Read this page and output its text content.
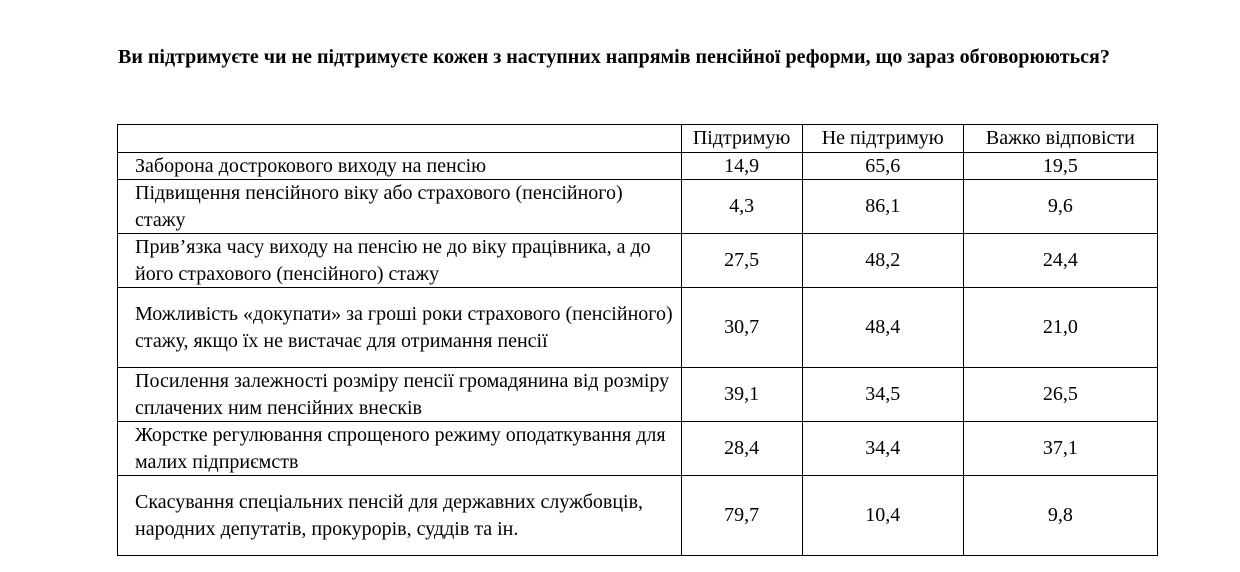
Ви підтримуєте чи не підтримуєте кожен з наступних напрямів пенсійної реформи, що зараз обговорюються?

	Підтримую	Не підтримую	Важко відповісти
Заборона дострокового виходу на пенсію	14,9	65,6	19,5
Підвищення пенсійного віку або страхового (пенсійного) стажу	4,3	86,1	9,6
Прив’язка часу виходу на пенсію не до віку працівника, а до його страхового (пенсійного) стажу	27,5	48,2	24,4
Можливість «докупати» за гроші роки страхового (пенсійного) стажу, якщо їх не вистачає для отримання пенсії	30,7	48,4	21,0
Посилення залежності розміру пенсії громадянина від розміру сплачених ним пенсійних внесків	39,1	34,5	26,5
Жорстке регулювання спрощеного режиму оподаткування для малих підприємств	28,4	34,4	37,1
Скасування спеціальних пенсій для державних службовців, народних депутатів, прокурорів, суддів та ін.	79,7	10,4	9,8
